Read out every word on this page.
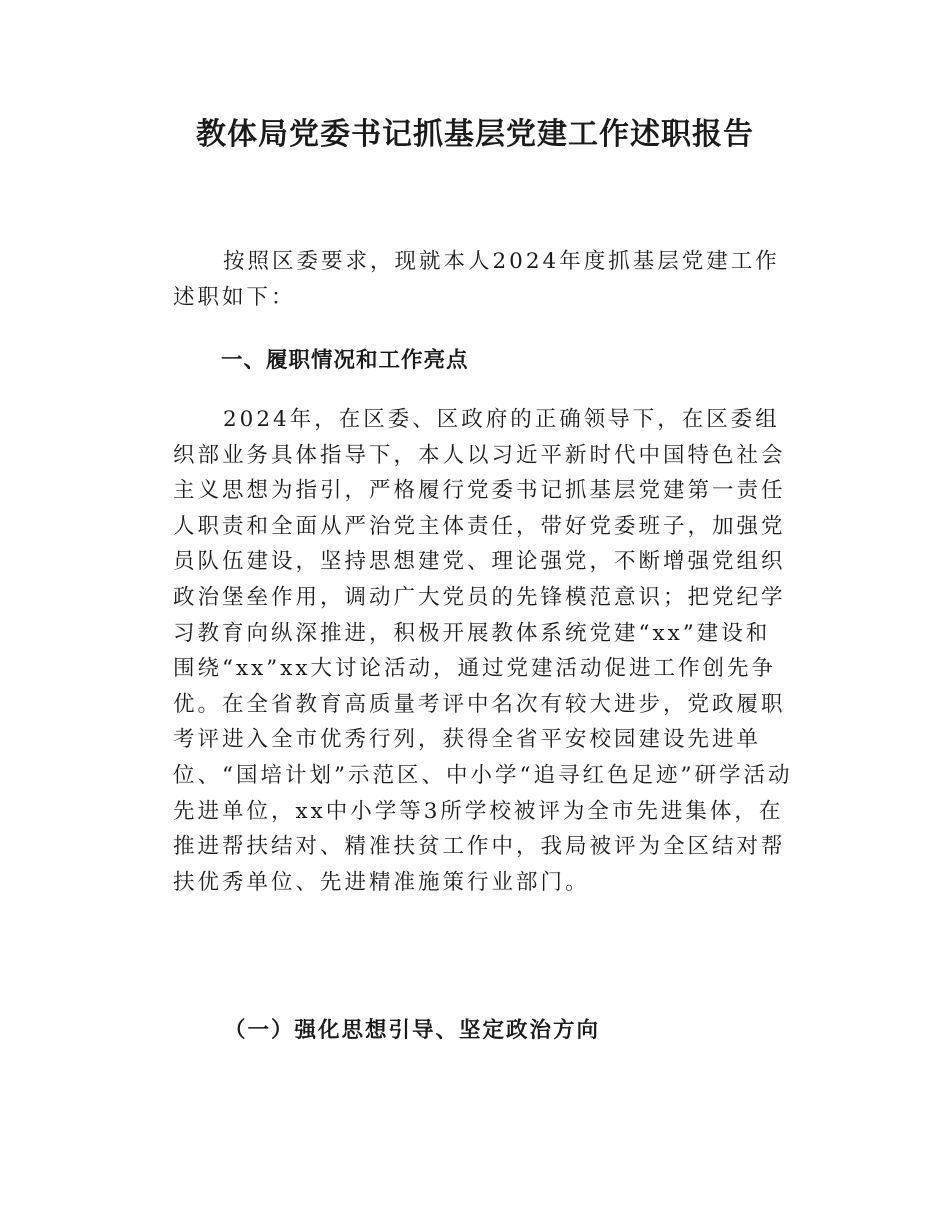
教体局党委书记抓基层党建工作述职报告

按照区委要求，现就本人2024年度抓基层党建工作述职如下：

一、履职情况和工作亮点

2024年，在区委、区政府的正确领导下，在区委组织部业务具体指导下，本人以习近平新时代中国特色社会主义思想为指引，严格履行党委书记抓基层党建第一责任人职责和全面从严治党主体责任，带好党委班子，加强党员队伍建设，坚持思想建党、理论强党，不断增强党组织政治堡垒作用，调动广大党员的先锋模范意识；把党纪学习教育向纵深推进，积极开展教体系统党建“xx”建设和围绕“xx”xx大讨论活动，通过党建活动促进工作创先争优。在全省教育高质量考评中名次有较大进步，党政履职考评进入全市优秀行列，获得全省平安校园建设先进单位、“国培计划”示范区、中小学“追寻红色足迹”研学活动先进单位，xx中小学等3所学校被评为全市先进集体，在推进帮扶结对、精准扶贫工作中，我局被评为全区结对帮扶优秀单位、先进精准施策行业部门。

（一）强化思想引导、坚定政治方向
